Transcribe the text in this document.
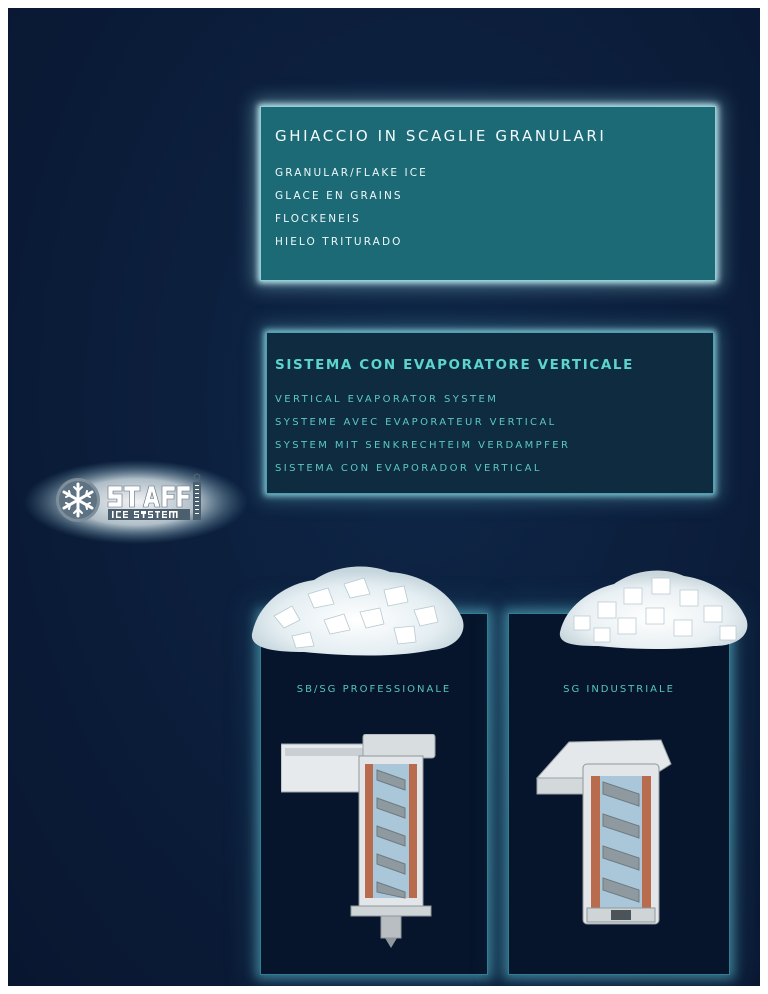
GHIACCIO IN SCAGLIE GRANULARI

GRANULAR/FLAKE ICE

GLACE EN GRAINS

FLOCKENEIS

HIELO TRITURADO

SISTEMA CON EVAPORATORE VERTICALE

VERTICAL EVAPORATOR SYSTEM

SYSTEME AVEC EVAPORATEUR VERTICAL

SYSTEM MIT SENKRECHTEIM VERDAMPFER

SISTEMA CON EVAPORADOR VERTICAL

SB/SG PROFESSIONALE	SG INDUSTRIALE
